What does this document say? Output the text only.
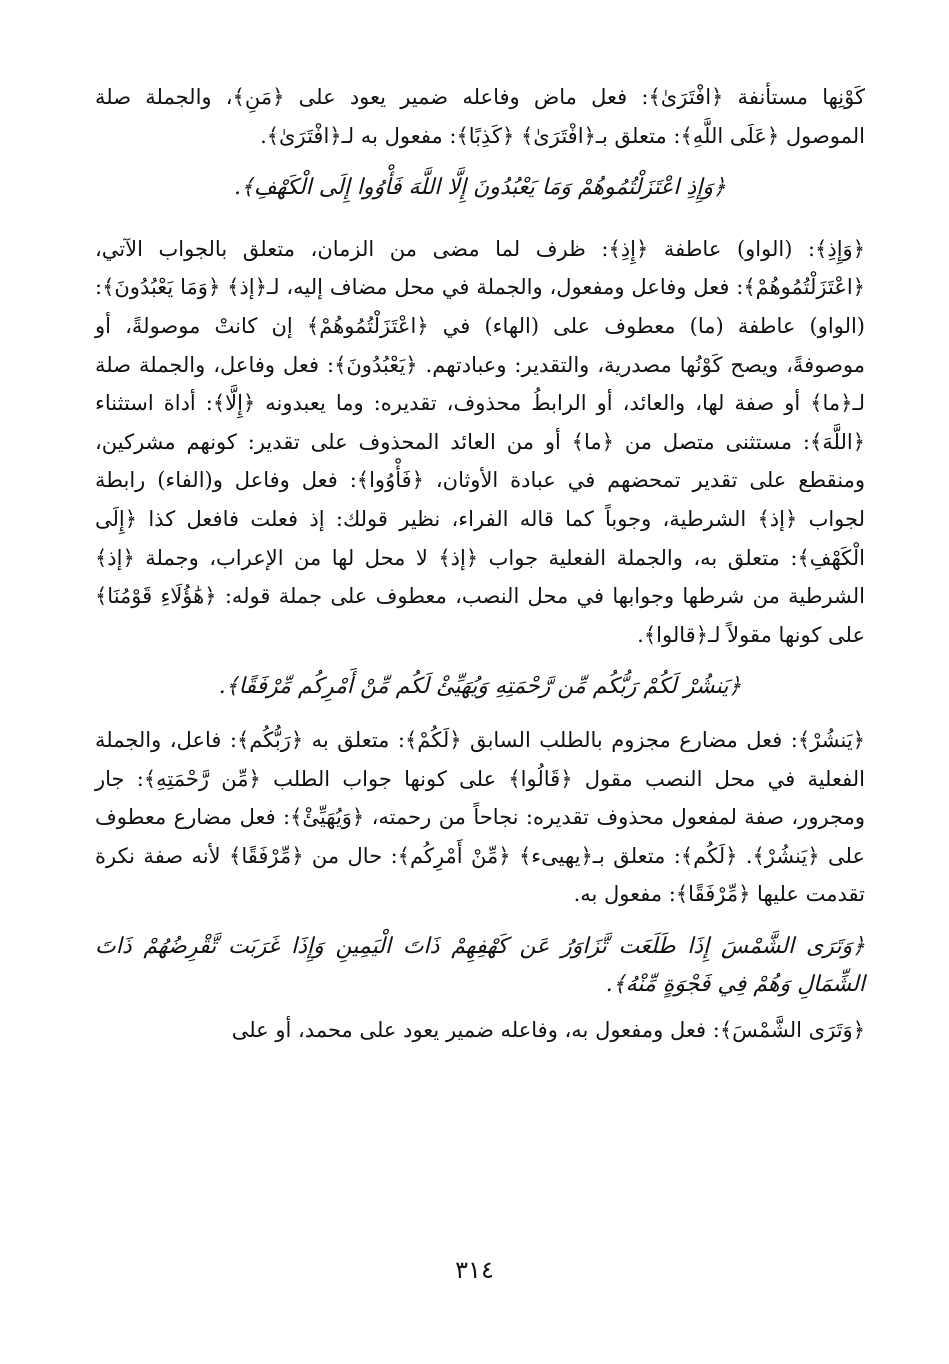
كَوْنِها مستأنفة ﴿افْتَرَىٰ﴾: فعل ماض وفاعله ضمير يعود على ﴿مَنِ﴾، والجملة صلة الموصول ﴿عَلَى اللَّهِ﴾: متعلق بـ﴿افْتَرَىٰ﴾ ﴿كَذِبًا﴾: مفعول به لـ﴿افْتَرَىٰ﴾.

﴿وَإِذِ اعْتَزَلْتُمُوهُمْ وَمَا يَعْبُدُونَ إِلَّا اللَّهَ فَأْوُوا إِلَى الْكَهْفِ﴾.

﴿وَإِذِ﴾: (الواو) عاطفة ﴿إِذِ﴾: ظرف لما مضى من الزمان، متعلق بالجواب الآتي، ﴿اعْتَزَلْتُمُوهُمْ﴾: فعل وفاعل ومفعول، والجملة في محل مضاف إليه، لـ﴿إذ﴾ ﴿وَمَا يَعْبُدُونَ﴾: (الواو) عاطفة (ما) معطوف على (الهاء) في ﴿اعْتَزَلْتُمُوهُمْ﴾ إن كانتْ موصولةً، أو موصوفةً، ويصح كَوْنُها مصدرية، والتقدير: وعبادتهم. ﴿يَعْبُدُونَ﴾: فعل وفاعل، والجملة صلة لـ﴿ما﴾ أو صفة لها، والعائد، أو الرابطُ محذوف، تقديره: وما يعبدونه ﴿إِلَّا﴾: أداة استثناء ﴿اللَّهَ﴾: مستثنى متصل من ﴿ما﴾ أو من العائد المحذوف على تقدير: كونهم مشركين، ومنقطع على تقدير تمحضهم في عبادة الأوثان، ﴿فَأْوُوا﴾: فعل وفاعل و(الفاء) رابطة لجواب ﴿إذ﴾ الشرطية، وجوباً كما قاله الفراء، نظير قولك: إذ فعلت فافعل كذا ﴿إِلَى الْكَهْفِ﴾: متعلق به، والجملة الفعلية جواب ﴿إذ﴾ لا محل لها من الإعراب، وجملة ﴿إذ﴾ الشرطية من شرطها وجوابها في محل النصب، معطوف على جملة قوله: ﴿هَٰؤُلَاءِ قَوْمُنَا﴾ على كونها مقولاً لـ﴿قالوا﴾.

﴿يَنشُرْ لَكُمْ رَبُّكُم مِّن رَّحْمَتِهِ وَيُهَيِّئْ لَكُم مِّنْ أَمْرِكُم مِّرْفَقًا﴾.

﴿يَنشُرْ﴾: فعل مضارع مجزوم بالطلب السابق ﴿لَكُمْ﴾: متعلق به ﴿رَبُّكُم﴾: فاعل، والجملة الفعلية في محل النصب مقول ﴿قَالُوا﴾ على كونها جواب الطلب ﴿مِّن رَّحْمَتِهِ﴾: جار ومجرور، صفة لمفعول محذوف تقديره: نجاحاً من رحمته، ﴿وَيُهَيِّئْ﴾: فعل مضارع معطوف على ﴿يَنشُرْ﴾. ﴿لَكُم﴾: متعلق بـ﴿يهيىء﴾ ﴿مِّنْ أَمْرِكُم﴾: حال من ﴿مِّرْفَقًا﴾ لأنه صفة نكرة تقدمت عليها ﴿مِّرْفَقًا﴾: مفعول به.

﴿وَتَرَى الشَّمْسَ إِذَا طَلَعَت تَّزَاوَرُ عَن كَهْفِهِمْ ذَاتَ الْيَمِينِ وَإِذَا غَرَبَت تَّقْرِضُهُمْ ذَاتَ الشِّمَالِ وَهُمْ فِي فَجْوَةٍ مِّنْهُ﴾.

﴿وَتَرَى الشَّمْسَ﴾: فعل ومفعول به، وفاعله ضمير يعود على محمد، أو على

٣١٤
